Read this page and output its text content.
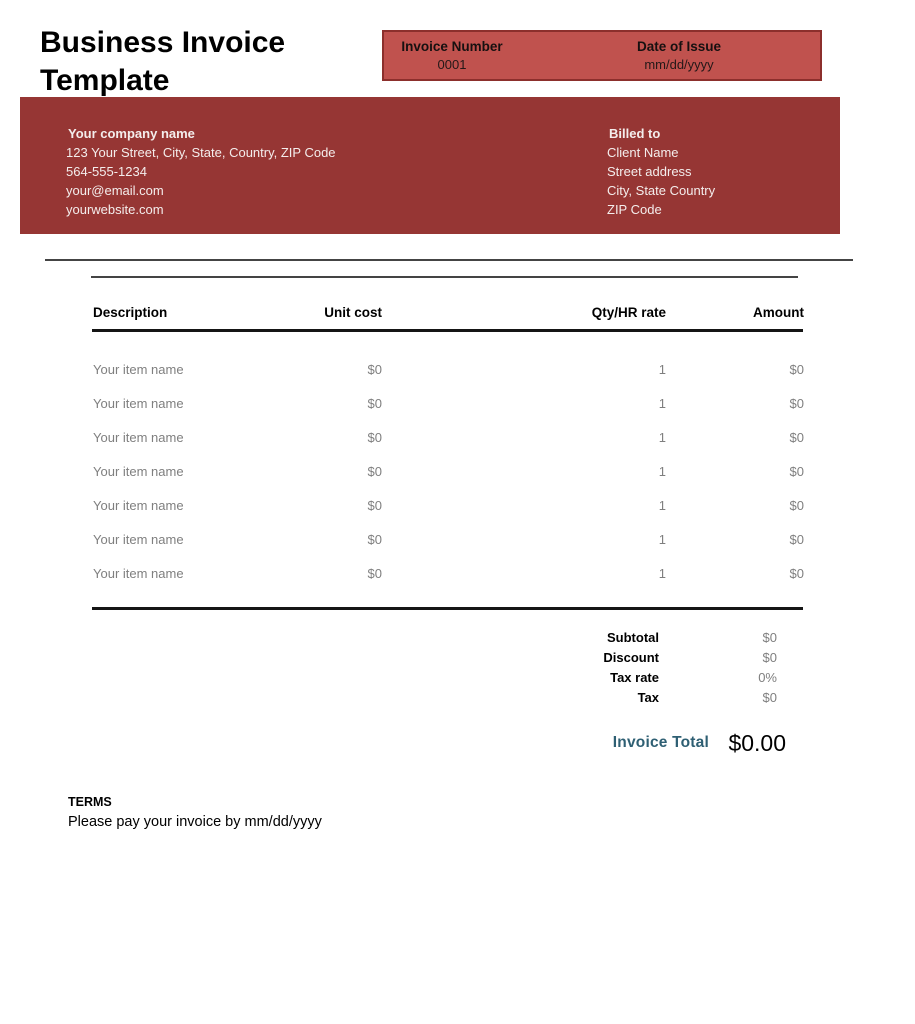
Business Invoice Template
Invoice Number
0001
Date of Issue
mm/dd/yyyy
Your company name
123 Your Street, City, State, Country, ZIP Code
564-555-1234
your@email.com
yourwebsite.com
Billed to
Client Name
Street address
City, State Country
ZIP Code
Description	Unit cost	Qty/HR rate	Amount
Your item name	$0	1	$0
Your item name	$0	1	$0
Your item name	$0	1	$0
Your item name	$0	1	$0
Your item name	$0	1	$0
Your item name	$0	1	$0
Your item name	$0	1	$0
Subtotal	$0
Discount	$0
Tax rate	0%
Tax	$0
Invoice Total $0.00
TERMS
Please pay your invoice by mm/dd/yyyy
